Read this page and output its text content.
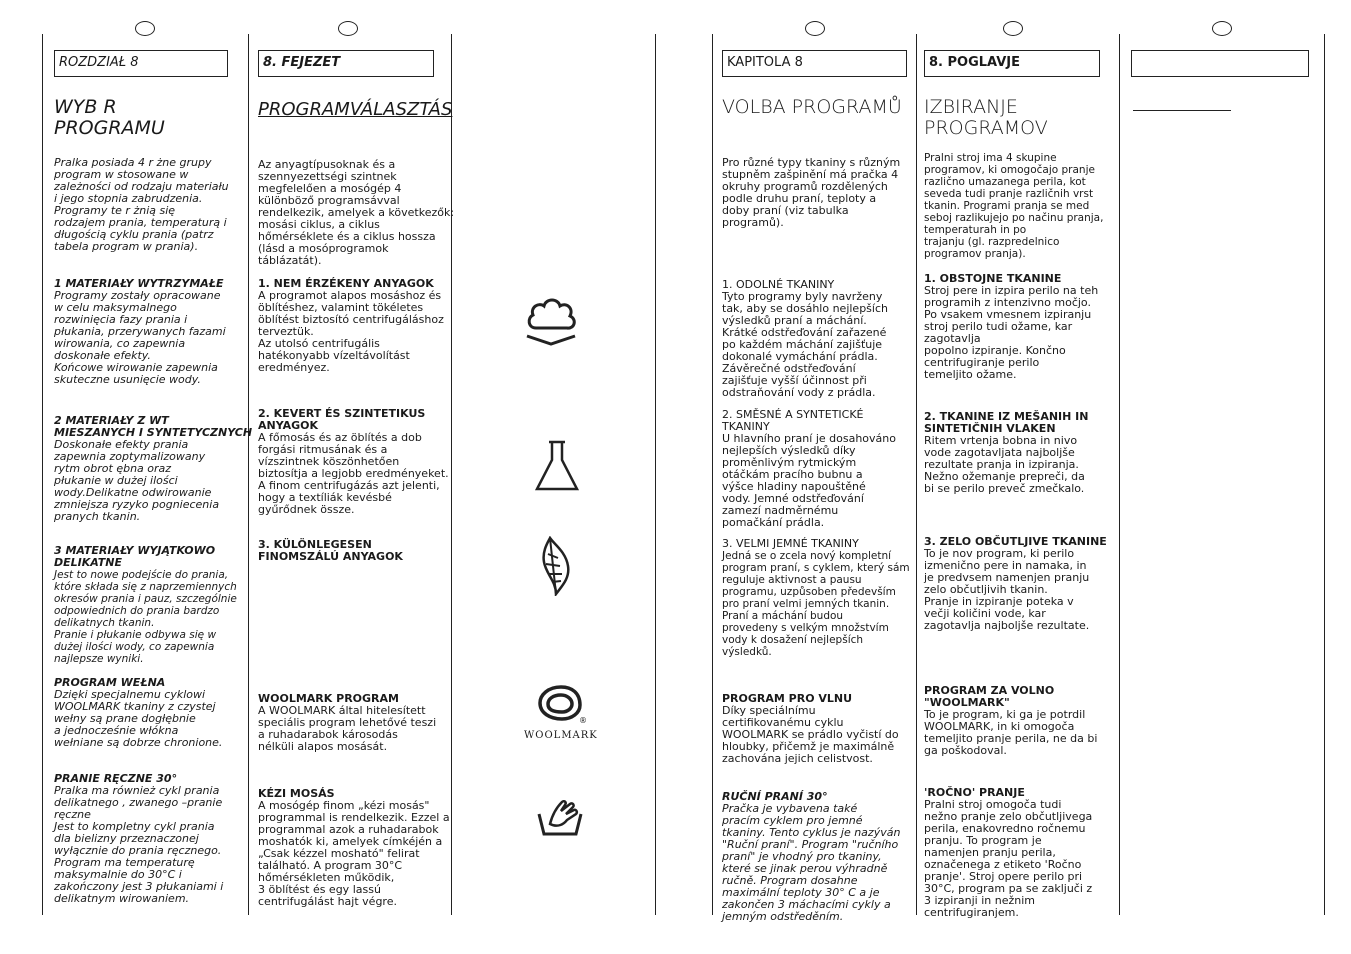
ROZDZIAŁ 8
WYB R
PROGRAMU
Pralka posiada 4 r żne grupy
program w stosowane w
zależności od rodzaju materiału
i jego stopnia zabrudzenia.
Programy te r żnią się
rodzajem prania, temperaturą i
długością cyklu prania (patrz
tabela program w prania).
1 MATERIAŁY WYTRZYMAŁE
Programy zostały opracowane
w celu maksymalnego
rozwinięcia fazy prania i
płukania, przerywanych fazami
wirowania, co zapewnia
doskonałe efekty.
Końcowe wirowanie zapewnia
skuteczne usunięcie wody.
2 MATERIAŁY Z WT
MIESZANYCH I SYNTETYCZNYCH
Doskonałe efekty prania
zapewnia zoptymalizowany
rytm obrot ębna oraz
płukanie w dużej ilości
wody.Delikatne odwirowanie
zmniejsza ryzyko pogniecenia
pranych tkanin.
3 MATERIAŁY WYJĄTKOWO
DELIKATNE
Jest to nowe podejście do prania,
które składa się z naprzemiennych
okresów prania i pauz, szczególnie
odpowiednich do prania bardzo
delikatnych tkanin.
Pranie i płukanie odbywa się w
dużej ilości wody, co zapewnia
najlepsze wyniki.
PROGRAM WEŁNA
Dzięki specjalnemu cyklowi
WOOLMARK tkaniny z czystej
wełny są prane dogłębnie
a jednocześnie włókna
wełniane są dobrze chronione.
PRANIE RĘCZNE 30°
Pralka ma również cykl prania
delikatnego , zwanego –pranie
ręczne
Jest to kompletny cykl prania
dla bielizny przeznaczonej
wyłącznie do prania ręcznego.
Program ma temperaturę
maksymalnie do 30°C i
zakończony jest 3 płukaniami i
delikatnym wirowaniem.
8. FEJEZET
PROGRAMVÁLASZTÁS
Az anyagtípusoknak és a
szennyezettségi szintnek
megfelelően a mosógép 4
különböző programsávval
rendelkezik, amelyek a következők:
mosási ciklus, a ciklus
hőmérséklete és a ciklus hossza
(lásd a mosóprogramok
táblázatát).
1. NEM ÉRZÉKENY ANYAGOK
A programot alapos mosáshoz és
öblítéshez, valamint tökéletes
öblítést biztosító centrifugáláshoz
terveztük.
Az utolsó centrifugális
hatékonyabb vízeltávolítást
eredményez.
2. KEVERT ÉS SZINTETIKUS
ANYAGOK
A főmosás és az öblítés a dob
forgási ritmusának és a
vízszintnek köszönhetően
biztosítja a legjobb eredményeket.
A finom centrifugázás azt jelenti,
hogy a textíliák kevésbé
gyűrődnek össze.
3. KÜLÖNLEGESEN
FINOMSZÁLÚ ANYAGOK
WOOLMARK PROGRAM
A WOOLMARK által hitelesített
speciális program lehetővé teszi
a ruhadarabok károsodás
nélküli alapos mosását.
KÉZI MOSÁS
A mosógép finom „kézi mosás"
programmal is rendelkezik. Ezzel a
programmal azok a ruhadarabok
moshatók ki, amelyek címkéjén a
„Csak kézzel mosható" felirat
található. A program 30°C
hőmérsékleten működik,
3 öblítést és egy lassú
centrifugálást hajt végre.
®
WOOLMARK
KAPITOLA 8
VOLBA PROGRAMŮ
Pro různé typy tkaniny s různým
stupněm zašpinění má pračka 4
okruhy programů rozdělených
podle druhu praní, teploty a
doby praní (viz tabulka
programů).
1. ODOLNÉ TKANINY
Tyto programy byly navrženy
tak, aby se dosáhlo nejlepších
výsledků praní a máchání.
Krátké odstřeďování zařazené
po každém máchání zajišťuje
dokonalé vymáchání prádla.
Závěrečné odstřeďování
zajišťuje vyšší účinnost při
odstraňování vody z prádla.
2. SMĚSNÉ A SYNTETICKÉ
TKANINY
U hlavního praní je dosahováno
nejlepších výsledků díky
proměnlivým rytmickým
otáčkám pracího bubnu a
výšce hladiny napouštěné
vody. Jemné odstřeďování
zamezí nadměrnému
pomačkání prádla.
3. VELMI JEMNÉ TKANINY
Jedná se o zcela nový kompletní
program praní, s cyklem, který sám
reguluje aktivnost a pausu
programu, uzpůsoben především
pro praní velmi jemných tkanin.
Praní a máchání budou
provedeny s velkým množstvím
vody k dosažení nejlepších
výsledků.
PROGRAM PRO VLNU
Díky speciálnímu
certifikovanému cyklu
WOOLMARK se prádlo vyčistí do
hloubky, přičemž je maximálně
zachována jejich celistvost.
RUČNÍ PRANÍ 30°
Pračka je vybavena také
pracím cyklem pro jemné
tkaniny. Tento cyklus je nazýván
"Ruční praní". Program "ručního
praní" je vhodný pro tkaniny,
které se jinak perou výhradně
ručně. Program dosahne
maximální teploty 30° C a je
zakončen 3 máchacími cykly a
jemným odstředěním.
8. POGLAVJE
IZBIRANJE
PROGRAMOV
Pralni stroj ima 4 skupine
programov, ki omogočajo pranje
različno umazanega perila, kot
seveda tudi pranje različnih vrst
tkanin. Programi pranja se med
seboj razlikujejo po načinu pranja,
temperaturah in po
trajanju (gl. razpredelnico
programov pranja).
1. OBSTOJNE TKANINE
Stroj pere in izpira perilo na teh
programih z intenzivno močjo.
Po vsakem vmesnem izpiranju
stroj perilo tudi ožame, kar
zagotavlja
popolno izpiranje. Končno
centrifugiranje perilo
temeljito ožame.
2. TKANINE IZ MEŠANIH IN
SINTETIČNIH VLAKEN
Ritem vrtenja bobna in nivo
vode zagotavljata najboljše
rezultate pranja in izpiranja.
Nežno ožemanje prepreči, da
bi se perilo preveč zmečkalo.
3. ZELO OBČUTLJIVE TKANINE
To je nov program, ki perilo
izmenično pere in namaka, in
je predvsem namenjen pranju
zelo občutljivih tkanin.
Pranje in izpiranje poteka v
večji količini vode, kar
zagotavlja najboljše rezultate.
PROGRAM ZA VOLNO
"WOOLMARK"
To je program, ki ga je potrdil
WOOLMARK, in ki omogoča
temeljito pranje perila, ne da bi
ga poškodoval.
'ROČNO' PRANJE
Pralni stroj omogoča tudi
nežno pranje zelo občutljivega
perila, enakovredno ročnemu
pranju. To program je
namenjen pranju perila,
označenega z etiketo 'Ročno
pranje'. Stroj opere perilo pri
30°C, program pa se zaključi z
3 izpiranji in nežnim
centrifugiranjem.
